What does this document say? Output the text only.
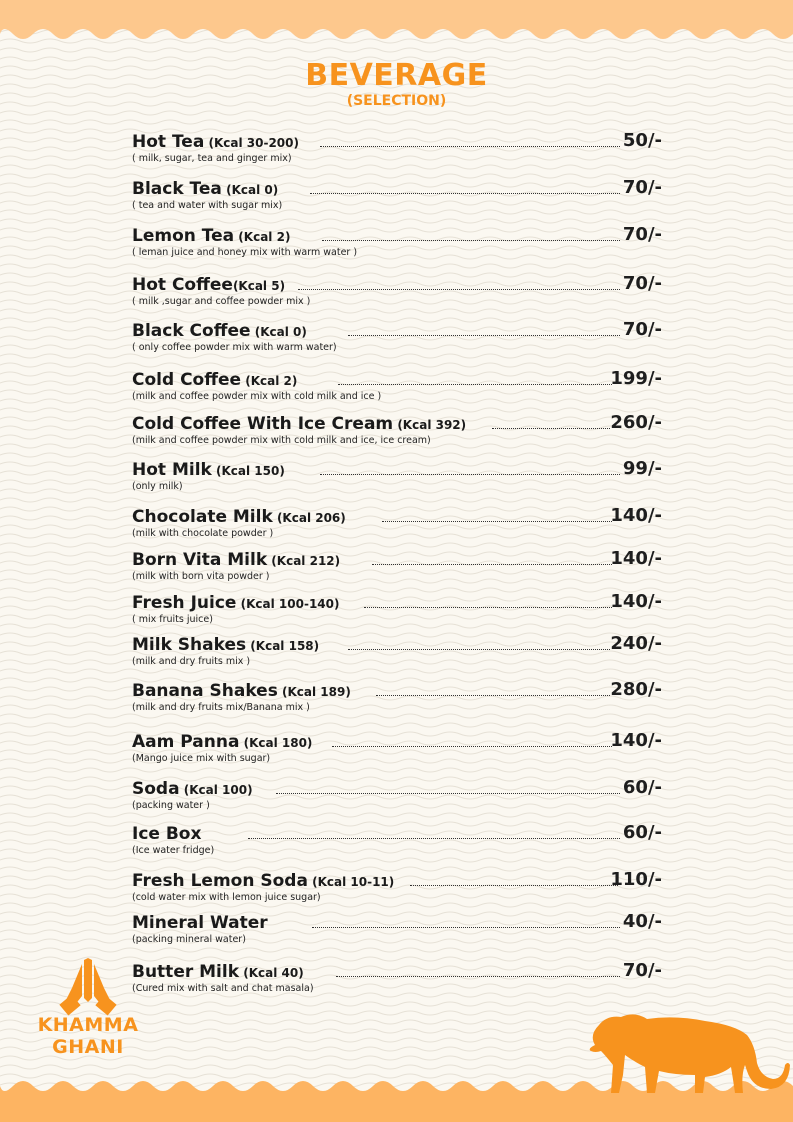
BEVERAGE
(SELECTION)
Hot Tea (Kcal 30-200)	50/-
( milk, sugar, tea and ginger mix)
Black Tea (Kcal 0)	70/-
( tea and water with sugar mix)
Lemon Tea (Kcal 2)	70/-
( leman juice and honey mix with warm water )
Hot Coffee(Kcal 5)	70/-
( milk ,sugar and coffee powder mix )
Black Coffee (Kcal 0)	70/-
( only coffee powder mix with warm water)
Cold Coffee (Kcal 2)	199/-
(milk and coffee powder mix with cold milk and ice )
Cold Coffee With Ice Cream (Kcal 392)	260/-
(milk and coffee powder mix with cold milk and ice, ice cream)
Hot Milk (Kcal 150)	99/-
(only milk)
Chocolate Milk (Kcal 206)	140/-
(milk with chocolate powder )
Born Vita Milk (Kcal 212)	140/-
(milk with born vita powder )
Fresh Juice (Kcal 100-140)	140/-
( mix fruits juice)
Milk Shakes (Kcal 158)	240/-
(milk and dry fruits mix )
Banana Shakes (Kcal 189)	280/-
(milk and dry fruits mix/Banana mix )
Aam Panna (Kcal 180)	140/-
(Mango juice mix with sugar)
Soda (Kcal 100)	60/-
(packing water )
Ice Box	60/-
(Ice water fridge)
Fresh Lemon Soda (Kcal 10-11)	110/-
(cold water mix with lemon juice sugar)
Mineral Water	40/-
(packing mineral water)
Butter Milk (Kcal 40)	70/-
(Cured mix with salt and chat masala)
KHAMMA
GHANI
